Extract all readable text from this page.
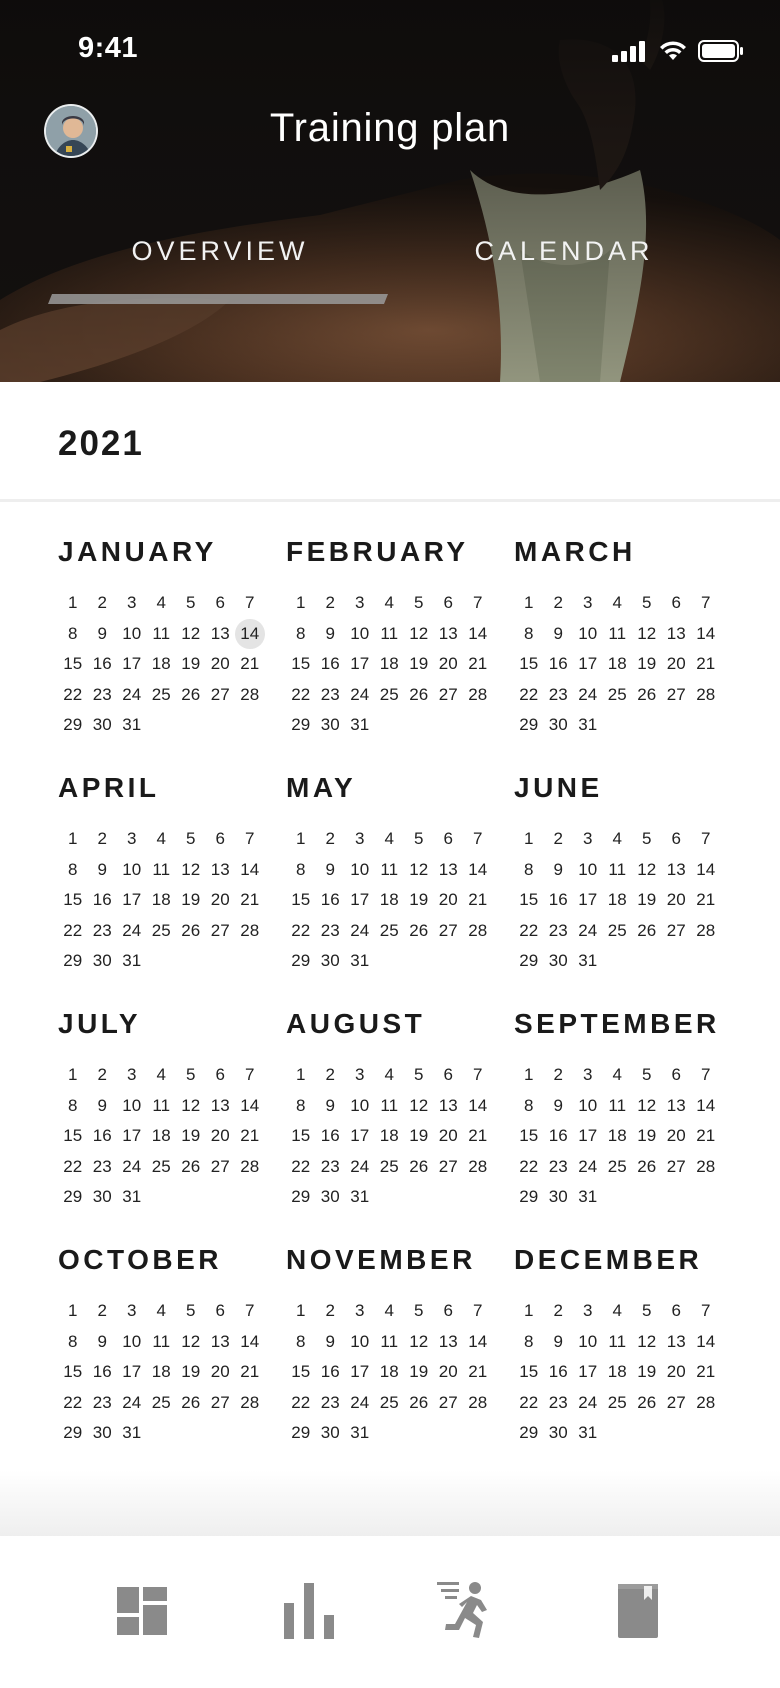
9:41
Training plan
OVERVIEW	CALENDAR
2021
JANUARY
1	2	3	4	5	6	7
8	9 10 11 12 13 14
15 16 17 18 19 20 21
22 23 24 25 26 27 28
29 30 31
FEBRUARY
1	2	3	4	5	6	7
8	9 10 11 12 13 14
15 16 17 18 19 20 21
22 23 24 25 26 27 28
29 30 31
MARCH
1	2	3	4	5	6	7
8	9 10 11 12 13 14
15 16 17 18 19 20 21
22 23 24 25 26 27 28
29 30 31
APRIL
1	2	3	4	5	6	7
8	9 10 11 12 13 14
15 16 17 18 19 20 21
22 23 24 25 26 27 28
29 30 31
MAY
1	2	3	4	5	6	7
8	9 10 11 12 13 14
15 16 17 18 19 20 21
22 23 24 25 26 27 28
29 30 31
JUNE
1	2	3	4	5	6	7
8	9 10 11 12 13 14
15 16 17 18 19 20 21
22 23 24 25 26 27 28
29 30 31
JULY
1	2	3	4	5	6	7
8	9 10 11 12 13 14
15 16 17 18 19 20 21
22 23 24 25 26 27 28
29 30 31
AUGUST
1	2	3	4	5	6	7
8	9 10 11 12 13 14
15 16 17 18 19 20 21
22 23 24 25 26 27 28
29 30 31
SEPTEMBER
1	2	3	4	5	6	7
8	9 10 11 12 13 14
15 16 17 18 19 20 21
22 23 24 25 26 27 28
29 30 31
OCTOBER
1	2	3	4	5	6	7
8	9 10 11 12 13 14
15 16 17 18 19 20 21
22 23 24 25 26 27 28
29 30 31
NOVEMBER
1	2	3	4	5	6	7
8	9 10 11 12 13 14
15 16 17 18 19 20 21
22 23 24 25 26 27 28
29 30 31
DECEMBER
1	2	3	4	5	6	7
8	9 10 11 12 13 14
15 16 17 18 19 20 21
22 23 24 25 26 27 28
29 30 31
